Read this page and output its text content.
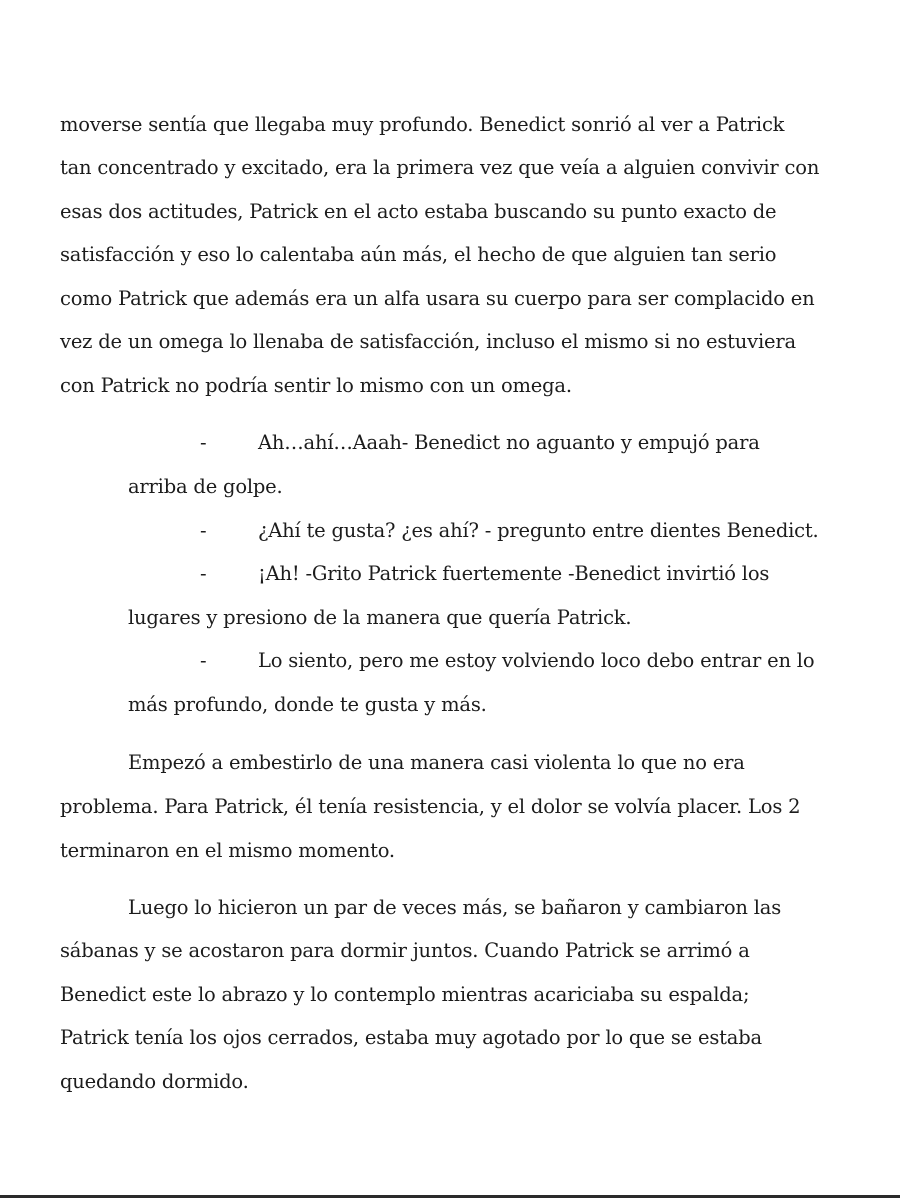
moverse sentía que llegaba muy profundo. Benedict sonrió al ver a Patrick
tan concentrado y excitado, era la primera vez que veía a alguien convivir con
esas dos actitudes, Patrick en el acto estaba buscando su punto exacto de
satisfacción y eso lo calentaba aún más, el hecho de que alguien tan serio
como Patrick que además era un alfa usara su cuerpo para ser complacido en
vez de un omega lo llenaba de satisfacción, incluso el mismo si no estuviera
con Patrick no podría sentir lo mismo con un omega.
-	Ah…ahí…Aaah- Benedict no aguanto y empujó para
arriba de golpe.
-	¿Ahí te gusta? ¿es ahí? - pregunto entre dientes Benedict.
-	¡Ah! -Grito Patrick fuertemente -Benedict invirtió los
lugares y presiono de la manera que quería Patrick.
-	Lo siento, pero me estoy volviendo loco debo entrar en lo
más profundo, donde te gusta y más.
Empezó a embestirlo de una manera casi violenta lo que no era
problema. Para Patrick, él tenía resistencia, y el dolor se volvía placer. Los 2
terminaron en el mismo momento.
Luego lo hicieron un par de veces más, se bañaron y cambiaron las
sábanas y se acostaron para dormir juntos. Cuando Patrick se arrimó a
Benedict este lo abrazo y lo contemplo mientras acariciaba su espalda;
Patrick tenía los ojos cerrados, estaba muy agotado por lo que se estaba
quedando dormido.
